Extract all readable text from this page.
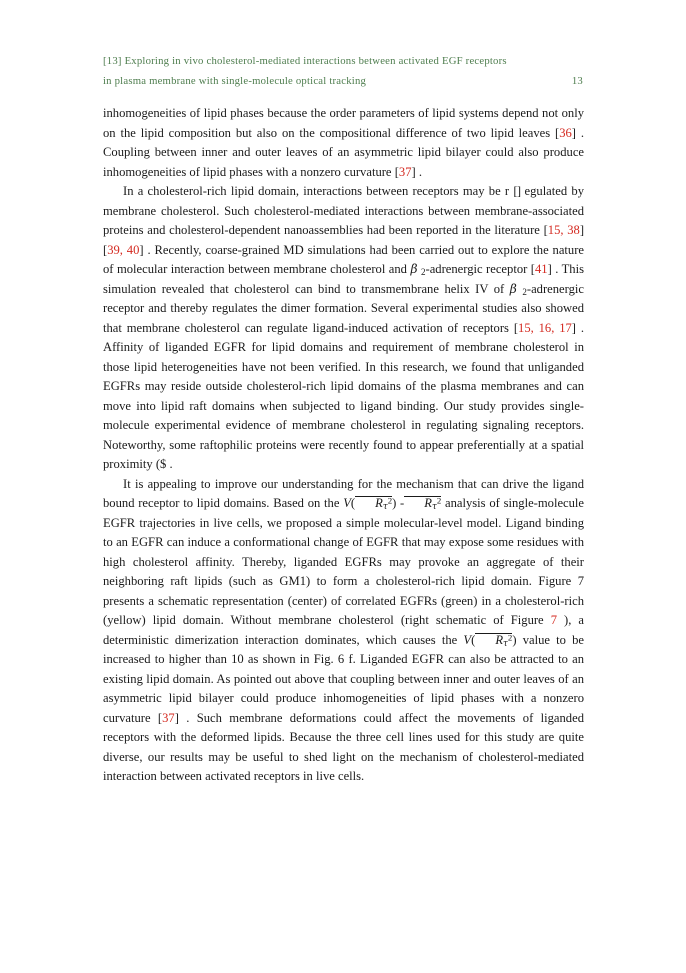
[13] Exploring in vivo cholesterol-mediated interactions between activated EGF receptors
in plasma membrane with single-molecule optical tracking	13

inhomogeneities of lipid phases because the order parameters of lipid systems depend not only on the lipid composition but also on the compositional difference of two lipid leaves [36] . Coupling between inner and outer leaves of an asymmetric lipid bilayer could also produce inhomogeneities of lipid phases with a nonzero curvature [37] .

In a cholesterol-rich lipid domain, interactions between receptors may be r [] egulated by membrane cholesterol. Such cholesterol-mediated interactions between membrane-associated proteins and cholesterol-dependent nanoassemblies had been reported in the literature [15, 38] [39, 40] . Recently, coarse-grained MD simulations had been carried out to explore the nature of molecular interaction between membrane cholesterol and β $_2$-adrenergic receptor [41] . This simulation revealed that cholesterol can bind to transmembrane helix IV of β $_2$-adrenergic receptor and thereby regulates the dimer formation. Several experimental studies also showed that membrane cholesterol can regulate ligand-induced activation of receptors [15, 16, 17] . Affinity of liganded EGFR for lipid domains and requirement of membrane cholesterol in those lipid heterogeneities have not been verified. In this research, we found that unliganded EGFRs may reside outside cholesterol-rich lipid domains of the plasma membranes and can move into lipid raft domains when subjected to ligand binding. Our study provides single-molecule experimental evidence of membrane cholesterol in regulating signaling receptors. Noteworthy, some raftophilic proteins were recently found to appear preferentially at a spatial proximity ($ .

It is appealing to improve our understanding for the mechanism that can drive the ligand bound receptor to lipid domains. Based on the V( $R\tau^2) - R\tau^2$ analysis of single-molecule EGFR trajectories in live cells, we proposed a simple molecular-level model. Ligand binding to an EGFR can induce a conformational change of EGFR that may expose some residues with high cholesterol affinity. Thereby, liganded EGFRs may provoke an aggregate of their neighboring raft lipids (such as GM1) to form a cholesterol-rich lipid domain. Figure 7 presents a schematic representation (center) of correlated EGFRs (green) in a cholesterol-rich (yellow) lipid domain. Without membrane cholesterol (right schematic of Figure 7 ), a deterministic dimerization interaction dominates, which causes the V( $R\tau^2$) value to be increased to higher than 10 as shown in Fig. 6 f. Liganded EGFR can also be attracted to an existing lipid domain. As pointed out above that coupling between inner and outer leaves of an asymmetric lipid bilayer could produce inhomogeneities of lipid phases with a nonzero curvature [37] . Such membrane deformations could affect the movements of liganded receptors with the deformed lipids. Because the three cell lines used for this study are quite diverse, our results may be useful to shed light on the mechanism of cholesterol-mediated interaction between activated receptors in live cells.
